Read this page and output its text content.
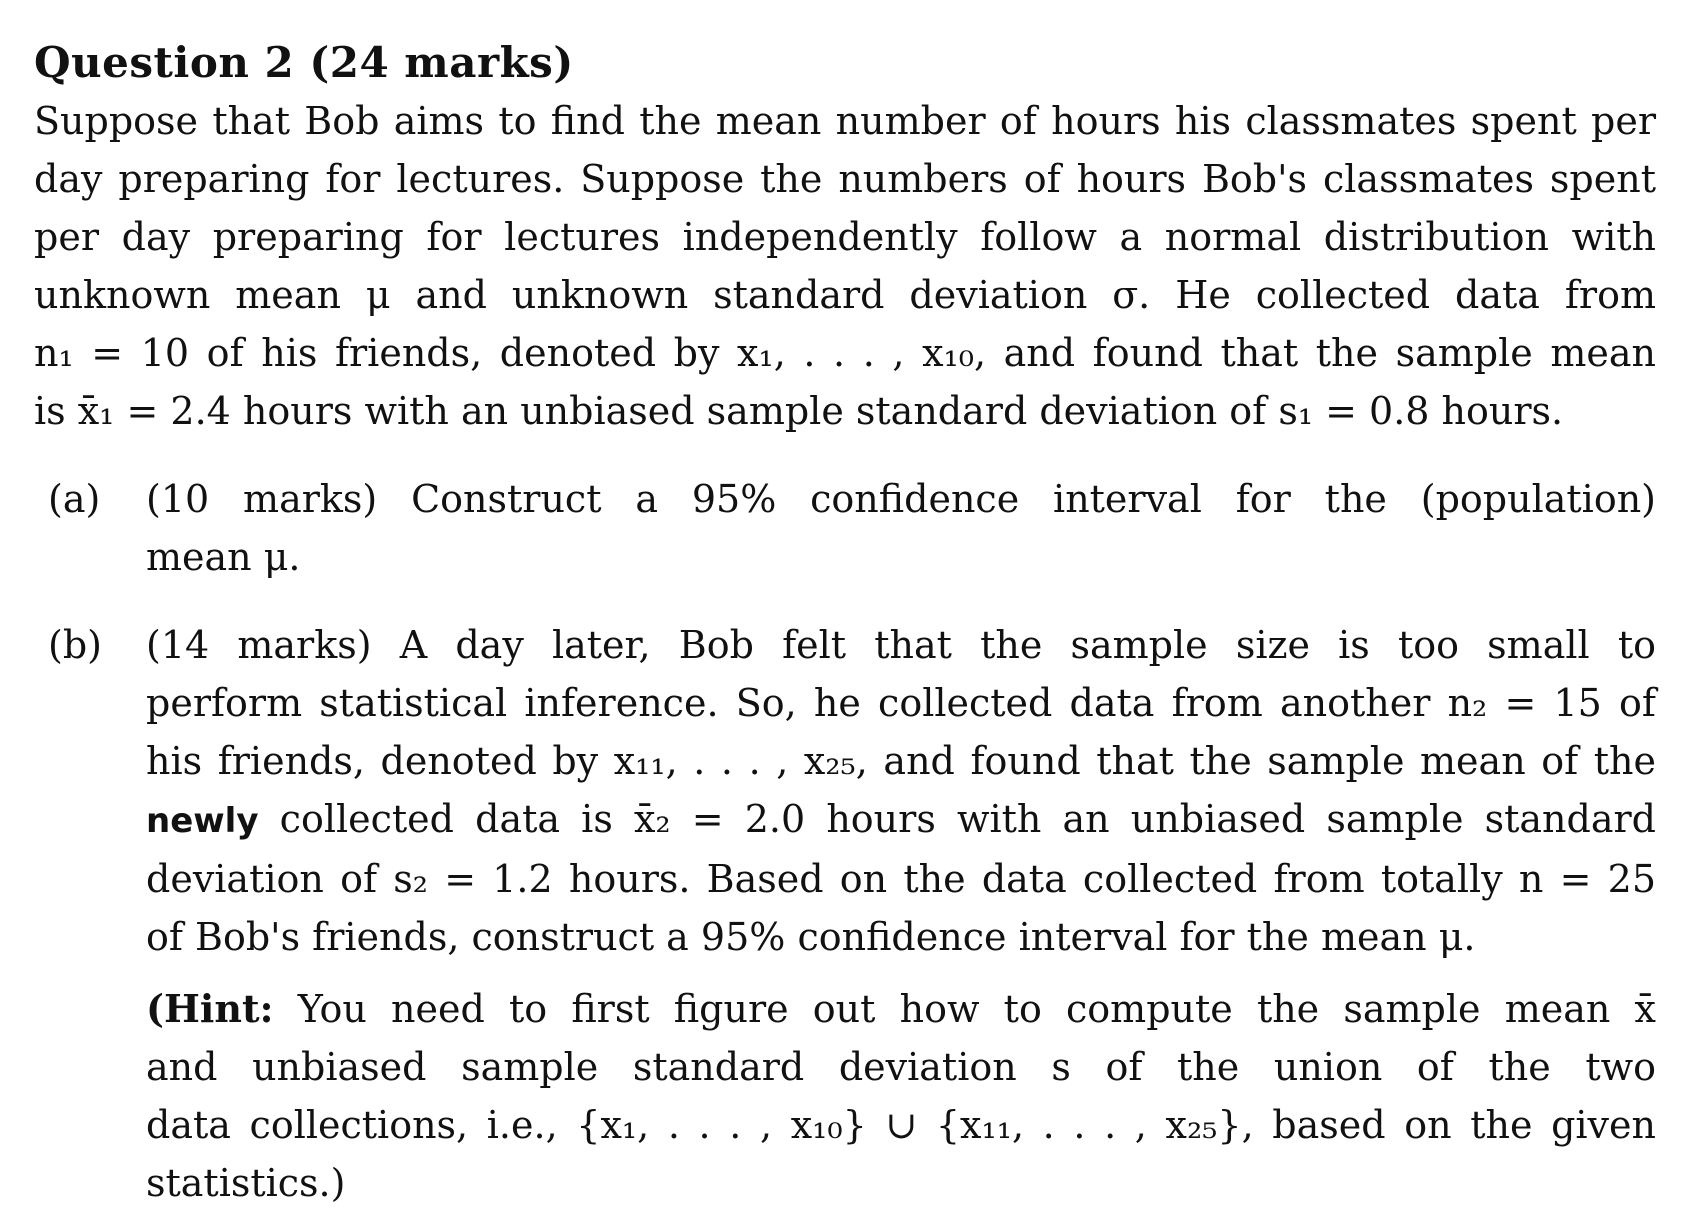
Question 2 (24 marks)
Suppose that Bob aims to find the mean number of hours his classmates spent per
day preparing for lectures. Suppose the numbers of hours Bob's classmates spent
per day preparing for lectures independently follow a normal distribution with
unknown mean μ and unknown standard deviation σ. He collected data from
n₁ = 10 of his friends, denoted by x₁, . . . , x₁₀, and found that the sample mean
is x̄₁ = 2.4 hours with an unbiased sample standard deviation of s₁ = 0.8 hours.
(a) (10 marks) Construct a 95% confidence interval for the (population)
mean μ.
(b) (14 marks) A day later, Bob felt that the sample size is too small to
perform statistical inference. So, he collected data from another n₂ = 15 of
his friends, denoted by x₁₁, . . . , x₂₅, and found that the sample mean of the
newly collected data is x̄₂ = 2.0 hours with an unbiased sample standard
deviation of s₂ = 1.2 hours. Based on the data collected from totally n = 25
of Bob's friends, construct a 95% confidence interval for the mean μ.
(Hint: You need to first figure out how to compute the sample mean x̄
and unbiased sample standard deviation s of the union of the two
data collections, i.e., {x₁, . . . , x₁₀} ∪ {x₁₁, . . . , x₂₅}, based on the given
statistics.)
